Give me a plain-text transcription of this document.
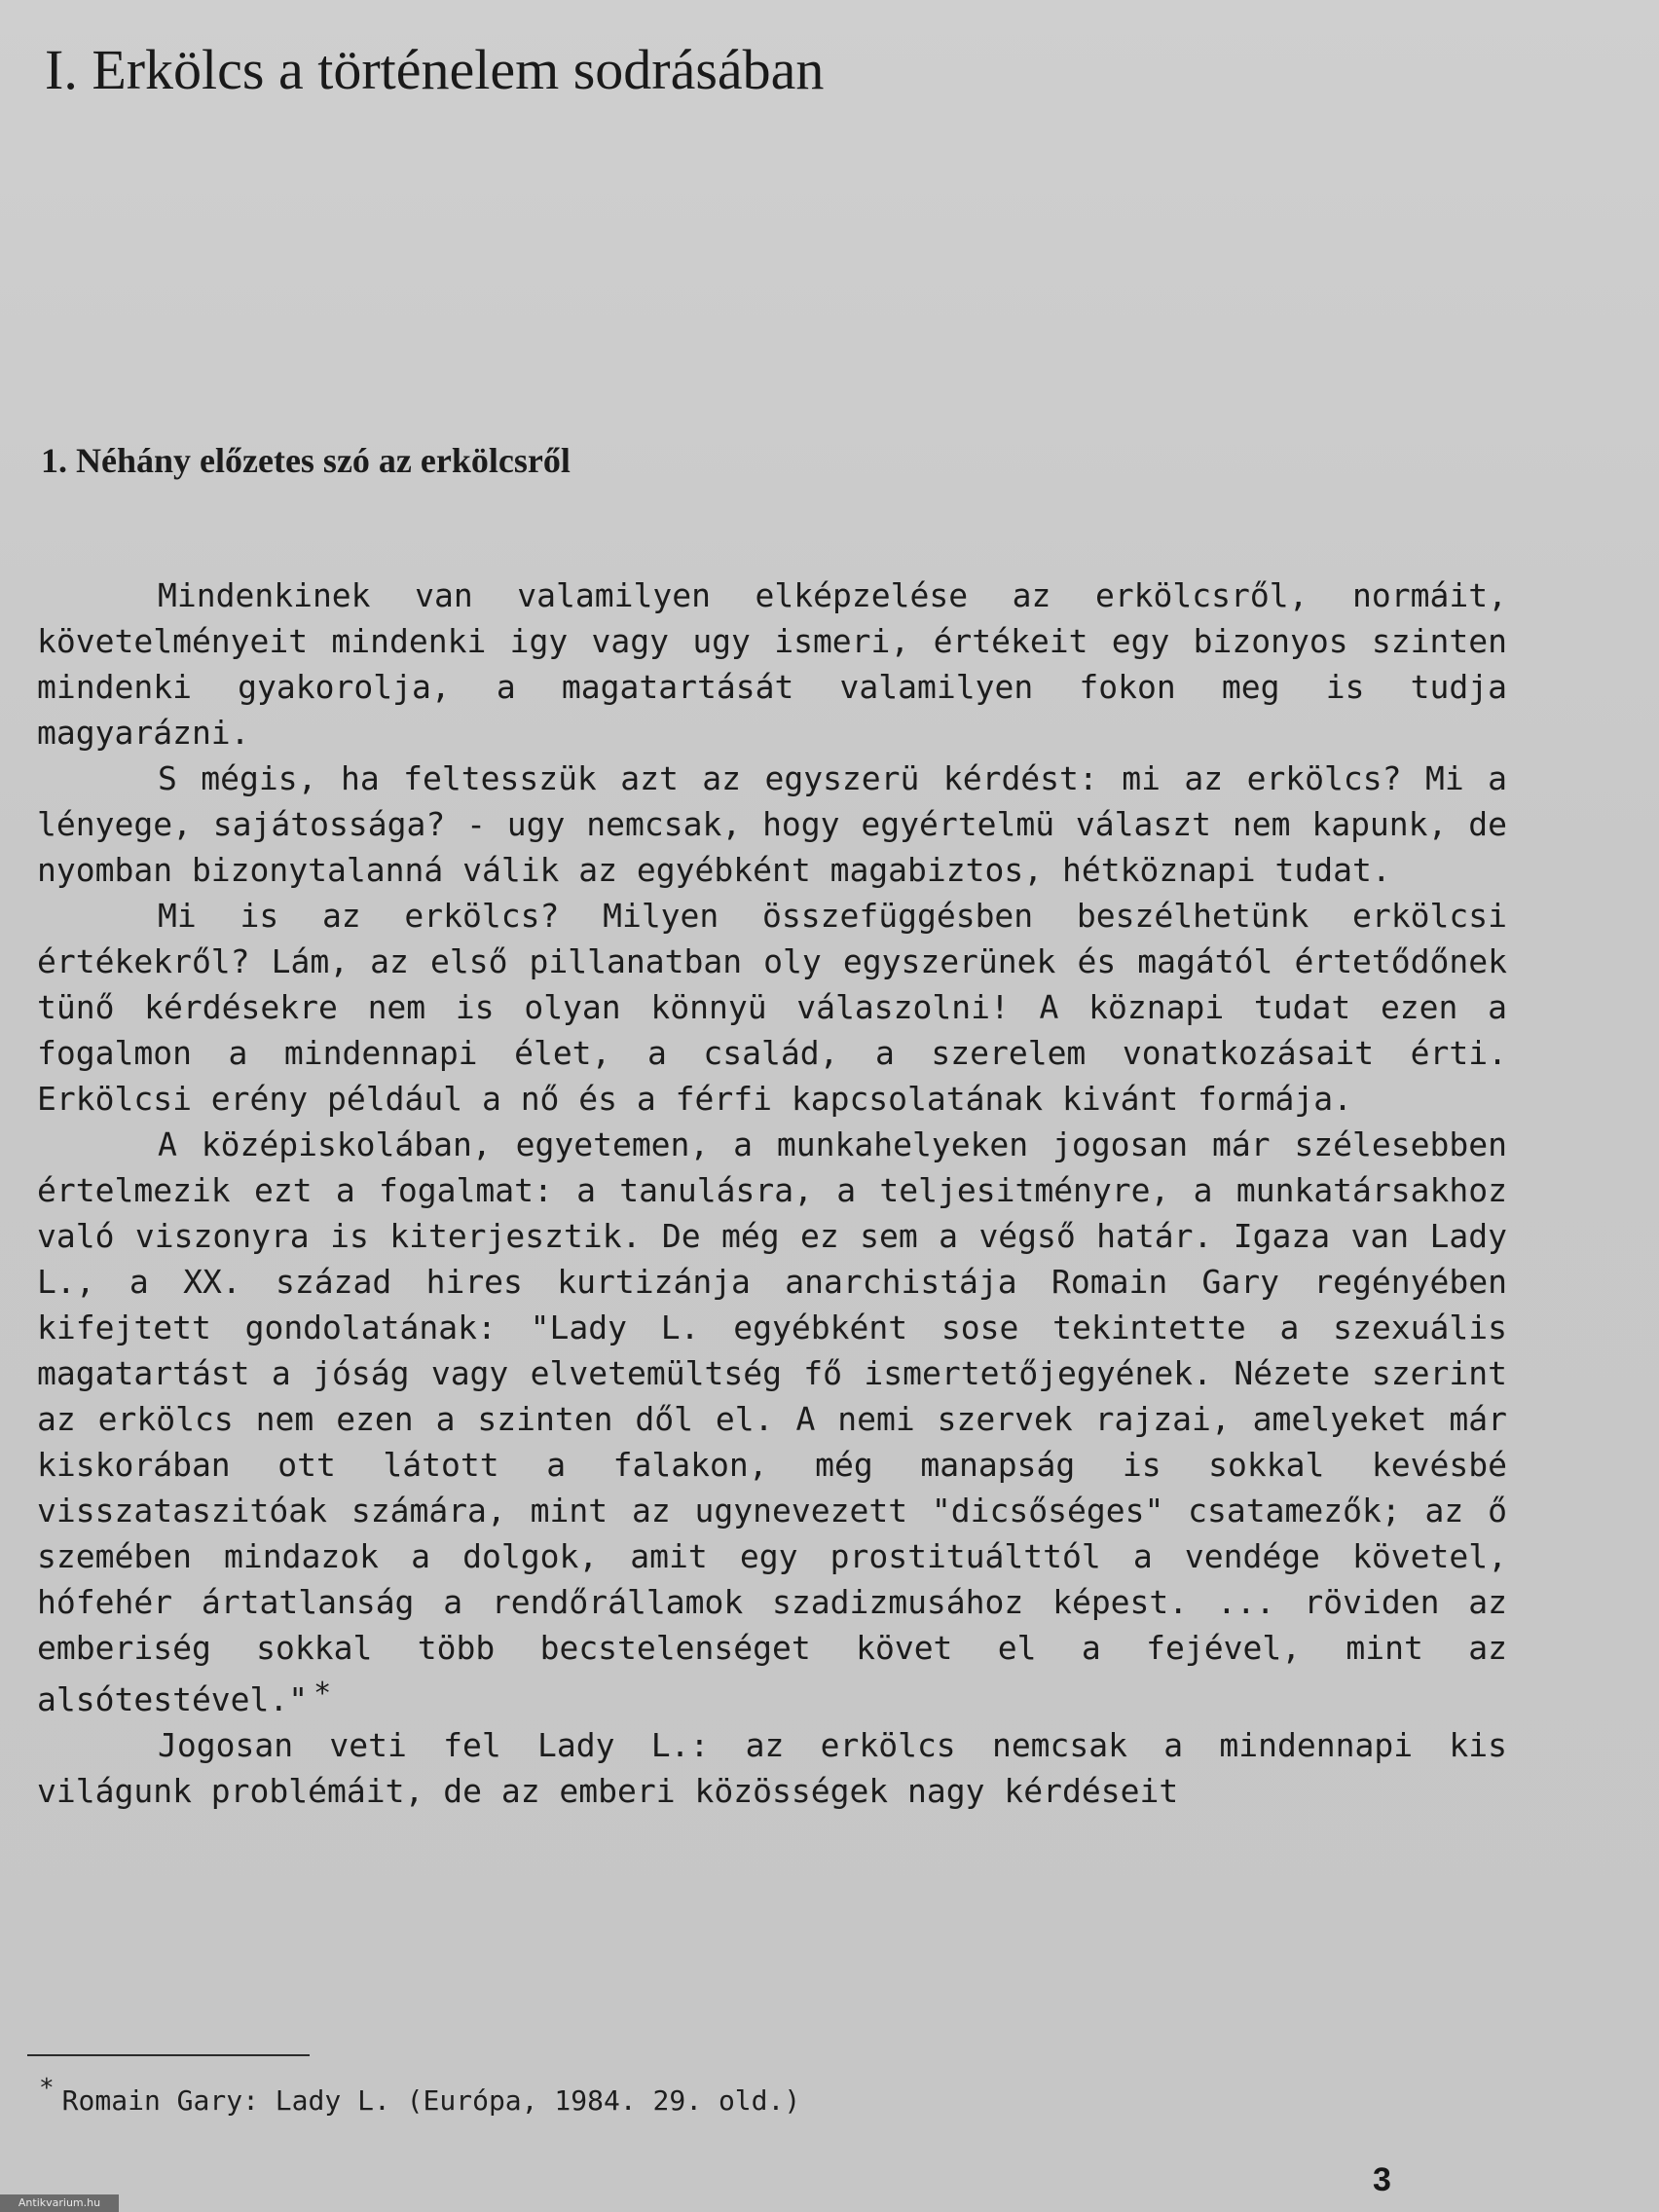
I. Erkölcs a történelem sodrásában
1. Néhány előzetes szó az erkölcsről

Mindenkinek van valamilyen elképzelése az erkölcsről, normáit, követelményeit mindenki igy vagy ugy ismeri, értékeit egy bizonyos szinten mindenki gyakorolja, a magatartását valamilyen fokon meg is tudja magyarázni.

S mégis, ha feltesszük azt az egyszerü kérdést: mi az erkölcs? Mi a lényege, sajátossága? - ugy nemcsak, hogy egyértelmü választ nem kapunk, de nyomban bizonytalanná válik az egyébként magabiztos, hétköznapi tudat.

Mi is az erkölcs? Milyen összefüggésben beszélhetünk erkölcsi értékekről? Lám, az első pillanatban oly egyszerünek és magától értetődőnek tünő kérdésekre nem is olyan könnyü válaszolni! A köznapi tudat ezen a fogalmon a mindennapi élet, a család, a szerelem vonatkozásait érti. Erkölcsi erény például a nő és a férfi kapcsolatának kivánt formája.

A középiskolában, egyetemen, a munkahelyeken jogosan már szélesebben értelmezik ezt a fogalmat: a tanulásra, a teljesitményre, a munkatársakhoz való viszonyra is kiterjesztik. De még ez sem a végső határ. Igaza van Lady L., a XX. század hires kurtizánja anarchistája Romain Gary regényében kifejtett gondolatának: "Lady L. egyébként sose tekintette a szexuális magatartást a jóság vagy elvetemültség fő ismertetőjegyének. Nézete szerint az erkölcs nem ezen a szinten dől el. A nemi szervek rajzai, amelyeket már kiskorában ott látott a falakon, még manapság is sokkal kevésbé visszataszitóak számára, mint az ugynevezett "dicsőséges" csatamezők; az ő szemében mindazok a dolgok, amit egy prostituálttól a vendége követel, hófehér ártatlanság a rendőrállamok szadizmusához képest. ... röviden az emberiség sokkal több becstelenséget követ el a fejével, mint az alsótestével." *

Jogosan veti fel Lady L.: az erkölcs nemcsak a mindennapi kis világunk problémáit, de az emberi közösségek nagy kérdéseit

* Romain Gary: Lady L. (Európa, 1984. 29. old.)
3
Antikvarium.hu
